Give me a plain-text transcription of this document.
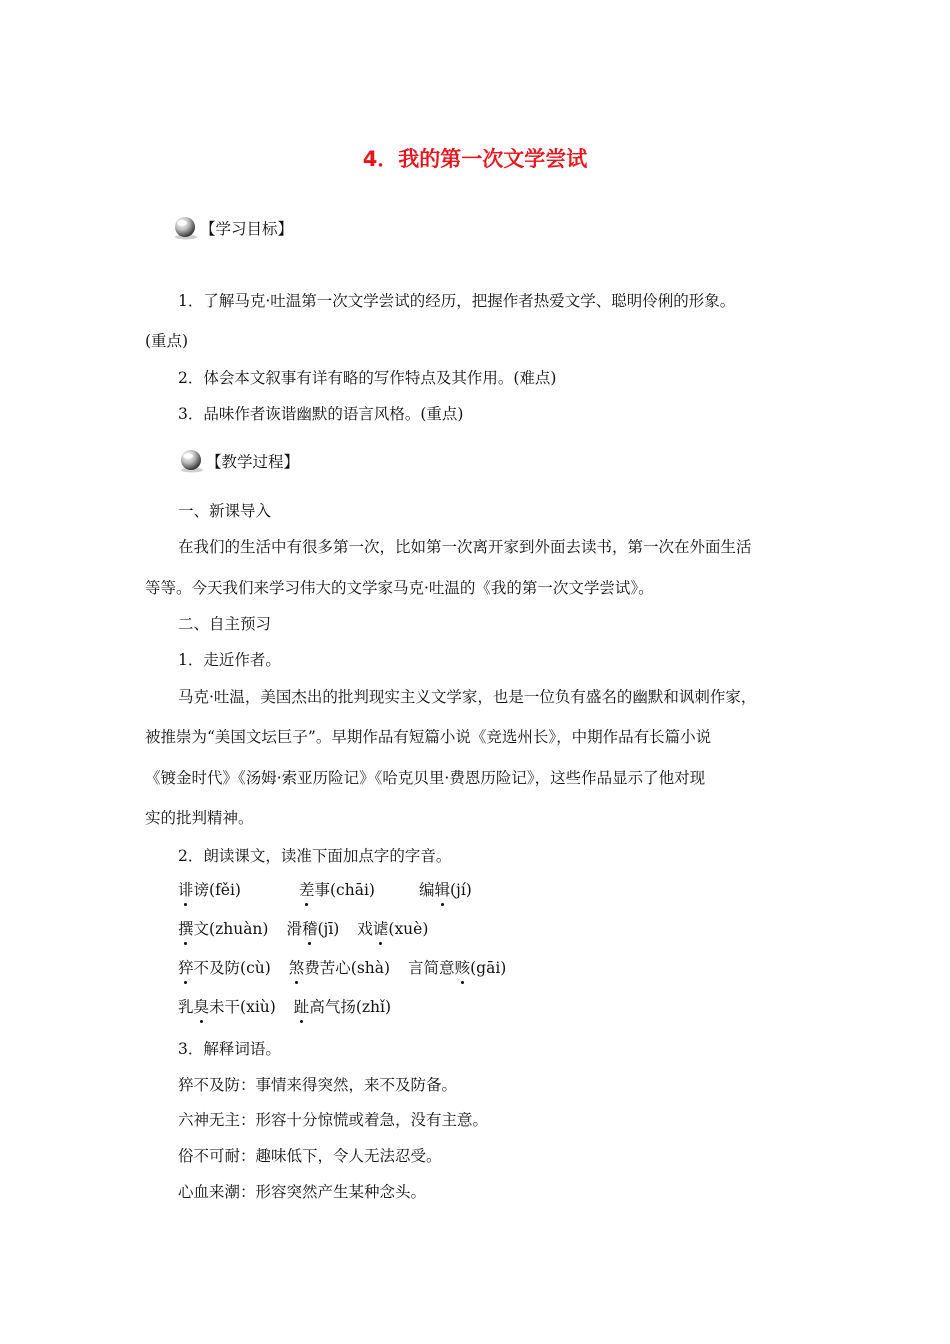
4．我的第一次文学尝试
【学习目标】
1．了解马克·吐温第一次文学尝试的经历，把握作者热爱文学、聪明伶俐的形象。
(重点)
2．体会本文叙事有详有略的写作特点及其作用。(难点)
3．品味作者诙谐幽默的语言风格。(重点)
【教学过程】
一、新课导入
在我们的生活中有很多第一次，比如第一次离开家到外面去读书，第一次在外面生活
等等。今天我们来学习伟大的文学家马克·吐温的《我的第一次文学尝试》。
二、自主预习
1．走近作者。
马克·吐温，美国杰出的批判现实主义文学家，也是一位负有盛名的幽默和讽刺作家，
被推崇为“美国文坛巨子”。早期作品有短篇小说《竞选州长》，中期作品有长篇小说
《镀金时代》《汤姆·索亚历险记》《哈克贝里·费恩历险记》，这些作品显示了他对现
实的批判精神。
2．朗读课文，读准下面加点字的字音。
诽谤(fěi)	差事(chāi)	编辑(jí)
撰文(zhuàn) 滑稽(jī) 戏谑(xuè)
猝不及防(cù) 煞费苦心(shà) 言简意赅(gāi)
乳臭未干(xiù) 趾高气扬(zhǐ)
3．解释词语。
猝不及防：事情来得突然，来不及防备。
六神无主：形容十分惊慌或着急，没有主意。
俗不可耐：趣味低下，令人无法忍受。
心血来潮：形容突然产生某种念头。
